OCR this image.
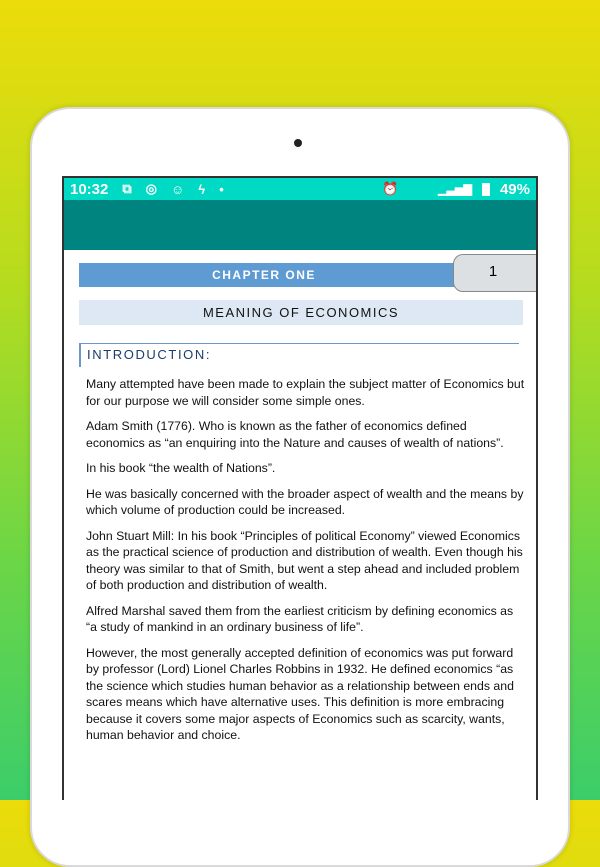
10:32 ⧉ ◎ ☺ ϟ •	⏰	▁▃▅▇ 49%
CHAPTER ONE	1
MEANING OF ECONOMICS
INTRODUCTION:

Many attempted have been made to explain the subject matter of Economics but for our purpose we will consider some simple ones.

Adam Smith (1776). Who is known as the father of economics defined economics as “an enquiring into the Nature and causes of wealth of nations”.

In his book “the wealth of Nations”.

He was basically concerned with the broader aspect of wealth and the means by which volume of production could be increased.

John Stuart Mill: In his book “Principles of political Economy” viewed Economics as the practical science of production and distribution of wealth. Even though his theory was similar to that of Smith, but went a step ahead and included problem of both production and distribution of wealth.

Alfred Marshal saved them from the earliest criticism by defining economics as “a study of mankind in an ordinary business of life”.

However, the most generally accepted definition of economics was put forward by professor (Lord) Lionel Charles Robbins in 1932. He defined economics “as the science which studies human behavior as a relationship between ends and scares means which have alternative uses. This definition is more embracing because it covers some major aspects of Economics such as scarcity, wants, human behavior and choice.
